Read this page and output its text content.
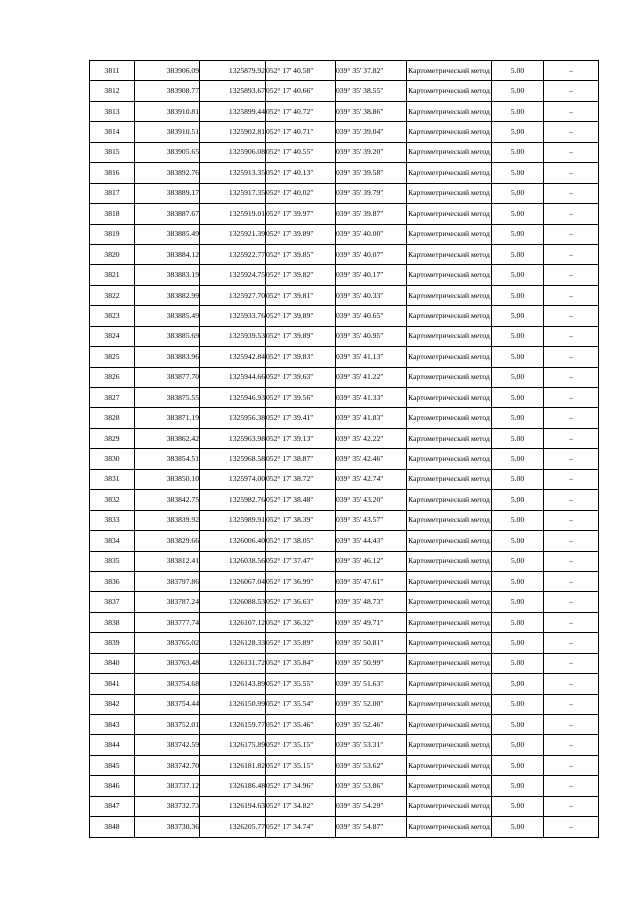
3811	383906.09	1325879.92	052° 17' 40.58"	039° 35' 37.82"	Картометрический метод	5.00	–
3812	383908.77	1325893.67	052° 17' 40.66"	039° 35' 38.55"	Картометрический метод	5.00	–
3813	383910.81	1325899.44	052° 17' 40.72"	039° 35' 38.86"	Картометрический метод	5.00	–
3814	383910.51	1325902.81	052° 17' 40.71"	039° 35' 39.04"	Картометрический метод	5.00	–
3815	383905.65	1325906.08	052° 17' 40.55"	039° 35' 39.20"	Картометрический метод	5.00	–
3816	383892.76	1325913.35	052° 17' 40.13"	039° 35' 39.58"	Картометрический метод	5.00	–
3817	383889.17	1325917.35	052° 17' 40.02"	039° 35' 39.79"	Картометрический метод	5.00	–
3818	383887.67	1325919.01	052° 17' 39.97"	039° 35' 39.87"	Картометрический метод	5.00	–
3819	383885.49	1325921.39	052° 17' 39.89"	039° 35' 40.00"	Картометрический метод	5.00	–
3820	383884.12	1325922.77	052° 17' 39.85"	039° 35' 40.07"	Картометрический метод	5.00	–
3821	383883.19	1325924.75	052° 17' 39.82"	039° 35' 40.17"	Картометрический метод	5.00	–
3822	383882.99	1325927.70	052° 17' 39.81"	039° 35' 40.33"	Картометрический метод	5.00	–
3823	383885.49	1325933.76	052° 17' 39.89"	039° 35' 40.65"	Картометрический метод	5.00	–
3824	383885.69	1325939.53	052° 17' 39.89"	039° 35' 40.95"	Картометрический метод	5.00	–
3825	383883.96	1325942.84	052° 17' 39.83"	039° 35' 41.13"	Картометрический метод	5.00	–
3826	383877.70	1325944.66	052° 17' 39.63"	039° 35' 41.22"	Картометрический метод	5.00	–
3827	383875.55	1325946.93	052° 17' 39.56"	039° 35' 41.33"	Картометрический метод	5.00	–
3828	383871.19	1325956.38	052° 17' 39.41"	039° 35' 41.83"	Картометрический метод	5.00	–
3829	383862.42	1325963.98	052° 17' 39.13"	039° 35' 42.22"	Картометрический метод	5.00	–
3830	383854.51	1325968.58	052° 17' 38.87"	039° 35' 42.46"	Картометрический метод	5.00	–
3831	383850.10	1325974.00	052° 17' 38.72"	039° 35' 42.74"	Картометрический метод	5.00	–
3832	383842.75	1325982.76	052° 17' 38.48"	039° 35' 43.20"	Картометрический метод	5.00	–
3833	383839.92	1325989.91	052° 17' 38.39"	039° 35' 43.57"	Картометрический метод	5.00	–
3834	383829.66	1326006.40	052° 17' 38.05"	039° 35' 44.43"	Картометрический метод	5.00	–
3835	383812.41	1326038.56	052° 17' 37.47"	039° 35' 46.12"	Картометрический метод	5.00	–
3836	383797.86	1326067.04	052° 17' 36.99"	039° 35' 47.61"	Картометрический метод	5.00	–
3837	383787.24	1326088.53	052° 17' 36.63"	039° 35' 48.73"	Картометрический метод	5.00	–
3838	383777.74	1326107.12	052° 17' 36.32"	039° 35' 49.71"	Картометрический метод	5.00	–
3839	383765.02	1326128.33	052° 17' 35.89"	039° 35' 50.81"	Картометрический метод	5.00	–
3840	383763.48	1326131.72	052° 17' 35.84"	039° 35' 50.99"	Картометрический метод	5.00	–
3841	383754.68	1326143.89	052° 17' 35.55"	039° 35' 51.63"	Картометрический метод	5.00	–
3842	383754.44	1326150.99	052° 17' 35.54"	039° 35' 52.00"	Картометрический метод	5.00	–
3843	383752.01	1326159.77	052° 17' 35.46"	039° 35' 52.46"	Картометрический метод	5.00	–
3844	383742.59	1326175.89	052° 17' 35.15"	039° 35' 53.31"	Картометрический метод	5.00	–
3845	383742.70	1326181.82	052° 17' 35.15"	039° 35' 53.62"	Картометрический метод	5.00	–
3846	383737.12	1326186.48	052° 17' 34.96"	039° 35' 53.86"	Картометрический метод	5.00	–
3847	383732.73	1326194.63	052° 17' 34.82"	039° 35' 54.29"	Картометрический метод	5.00	–
3848	383730.36	1326205.77	052° 17' 34.74"	039° 35' 54.87"	Картометрический метод	5.00	–
